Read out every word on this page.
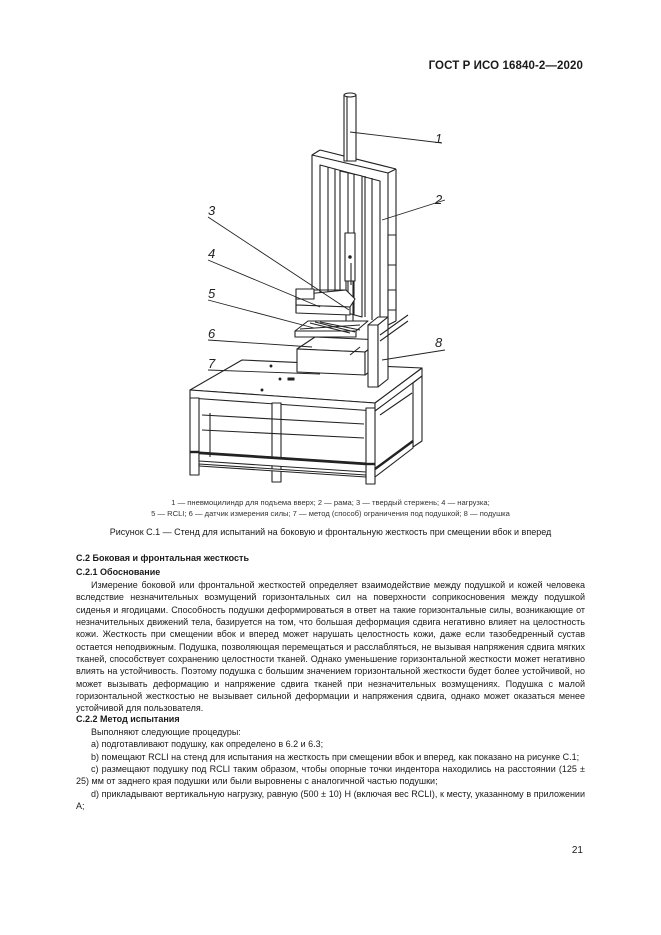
ГОСТ Р ИСО 16840-2—2020
1
2
3
4
5
6
7
8
1 — пневмоцилиндр для подъема вверх; 2 — рама; 3 — твердый стержень; 4 — нагрузка;
5 — RCLI; 6 — датчик измерения силы; 7 — метод (способ) ограничения под подушкой; 8 — подушка
Рисунок С.1 — Стенд для испытаний на боковую и фронтальную жесткость при смещении вбок и вперед
С.2 Боковая и фронтальная жесткость
С.2.1 Обоснование

Измерение боковой или фронтальной жесткостей определяет взаимодействие между подушкой и кожей человека вследствие незначительных возмущений горизонтальных сил на поверхности соприкосновения между подушкой сиденья и ягодицами. Способность подушки деформироваться в ответ на такие горизонтальные силы, возникающие от незначительных движений тела, базируется на том, что большая деформация сдвига негативно влияет на целостность кожи. Жесткость при смещении вбок и вперед может нарушать целостность кожи, даже если тазобедренный сустав остается неподвижным. Подушка, позволяющая перемещаться и расслабляться, не вызывая напряжения сдвига мягких тканей, способствует сохранению целостности тканей. Однако уменьшение горизонтальной жесткости может негативно влиять на устойчивость. Поэтому подушка с большим значением горизонтальной жесткости будет более устойчивой, но может вызывать деформацию и напряжение сдвига тканей при незначительных возмущениях. Подушка с малой горизонтальной жесткостью не вызывает сильной деформации и напряжения сдвига, однако может оказаться менее устойчивой для пользователя.

С.2.2 Метод испытания

Выполняют следующие процедуры:

a) подготавливают подушку, как определено в 6.2 и 6.3;

b) помещают RCLI на стенд для испытания на жесткость при смещении вбок и вперед, как показано на рисунке С.1;

c) размещают подушку под RCLI таким образом, чтобы опорные точки индентора находились на расстоянии (125 ± 25) мм от заднего края подушки или были выровнены с аналогичной частью подушки;

d) прикладывают вертикальную нагрузку, равную (500 ± 10) Н (включая вес RCLI), к месту, указанному в приложении А;

21
